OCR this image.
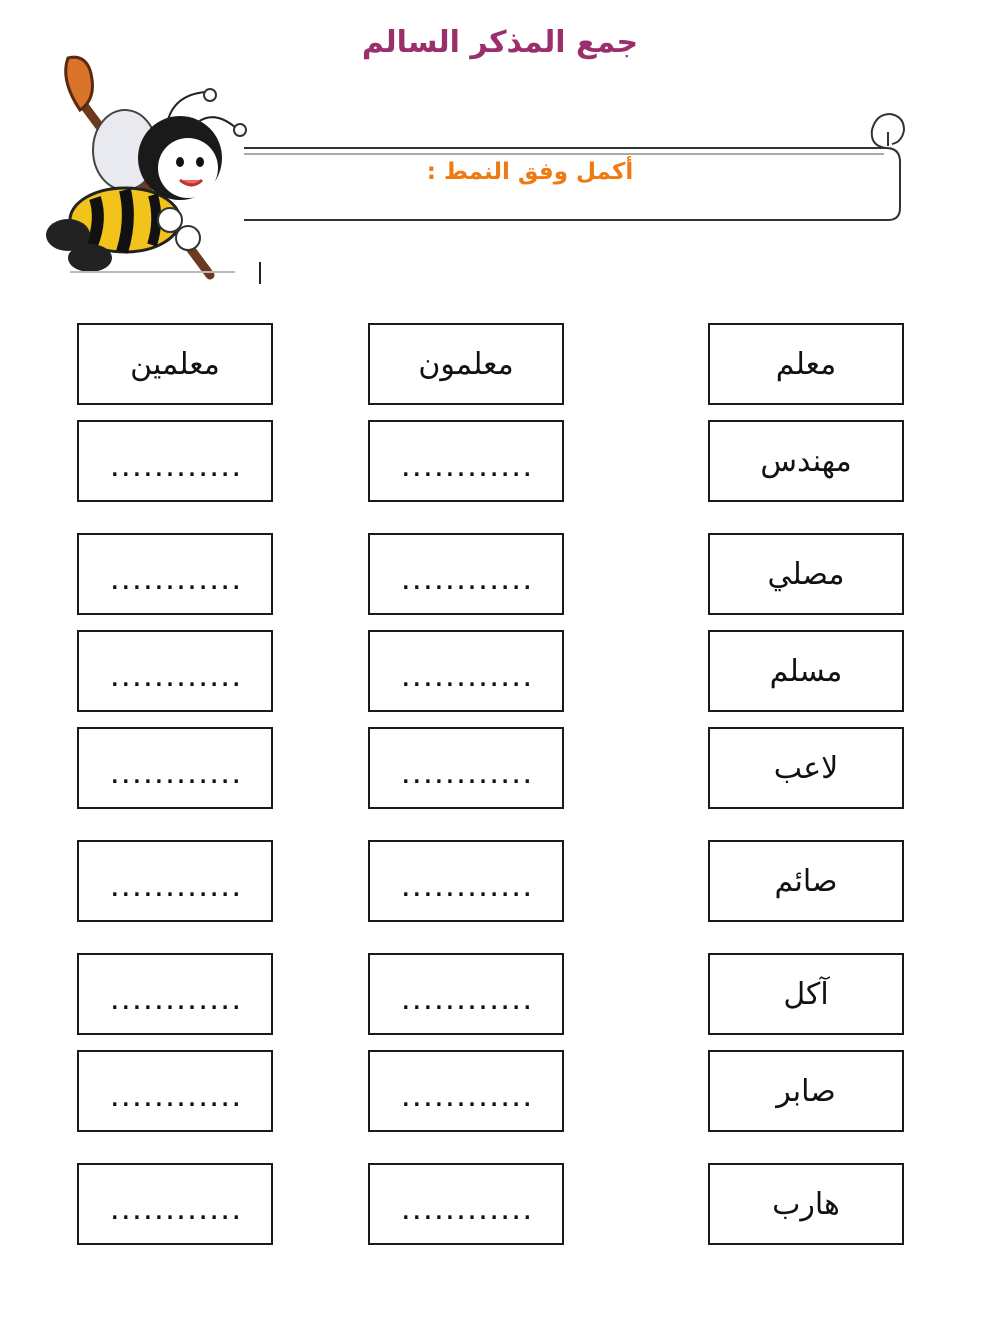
جمع المذكر السالم
أكمل وفق النمط :
معلم
معلمون
معلمين
مهندس
............
............
مصلي
............
............
مسلم
............
............
لاعب
............
............
صائم
............
............
آكل
............
............
صابر
............
............
هارب
............
............
